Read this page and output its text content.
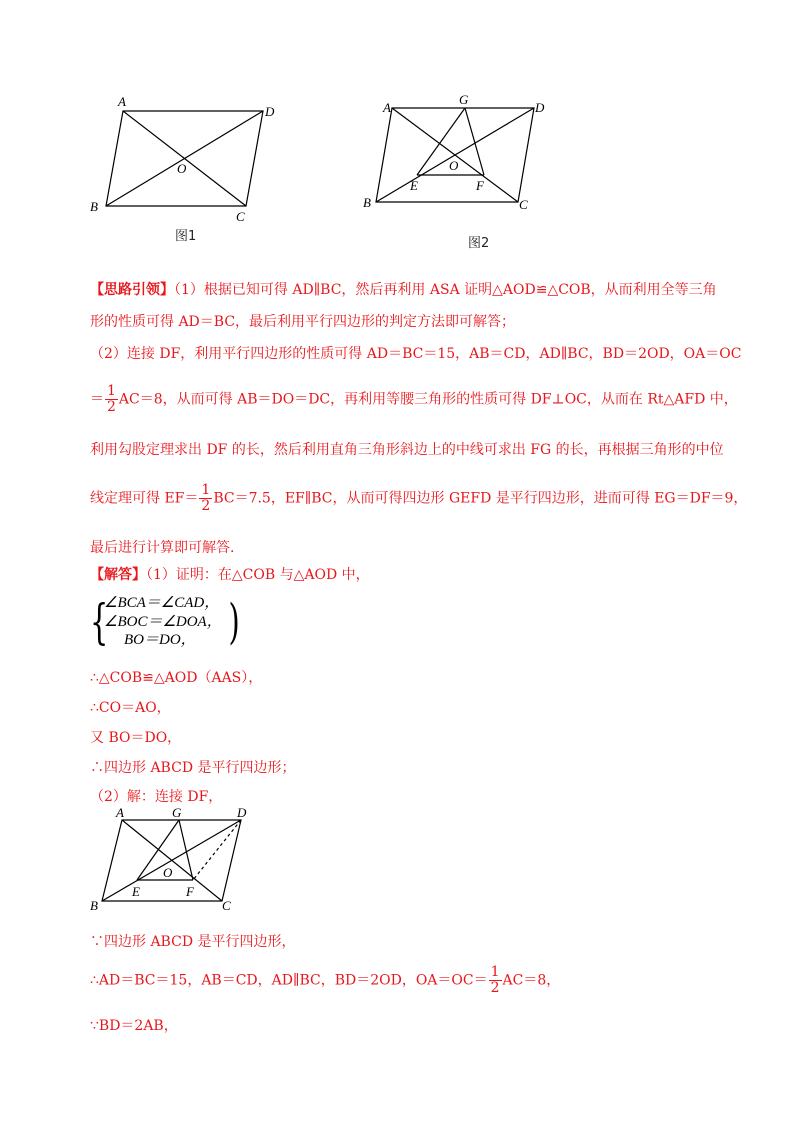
A
D
O
B
C
图1
A
G
D
O
E	F
B	C
图2
【思路引领】（1）根据已知可得 AD∥BC，然后再利用 ASA 证明△AOD≌△COB，从而利用全等三角
形的性质可得 AD＝BC，最后利用平行四边形的判定方法即可解答；
（2）连接 DF，利用平行四边形的性质可得 AD＝BC＝15，AB＝CD，AD∥BC，BD＝2OD，OA＝OC
＝ $\frac{1}{2} AC=8$，从而可得 AB＝DO＝DC，再利用等腰三角形的性质可得 DF⊥OC，从而在 Rt△AFD 中，
利用勾股定理求出 DF 的长，然后利用直角三角形斜边上的中线可求出 FG 的长，再根据三角形的中位
线定理可得 $EF= \frac{1}{2} BC=7.5$，EF∥BC，从而可得四边形 GEFD 是平行四边形，进而可得 EG＝DF＝9，
最后进行计算即可解答.
【解答】（1）证明：在△COB 与△AOD 中，
{
∠BCA＝∠CAD，
∠BOC＝∠DOA，
BO＝DO， )
∴△COB≌△AOD（AAS），
∴CO＝AO，
又 BO＝DO，
∴四边形 ABCD 是平行四边形；
（2）解：连接 DF，
A	G	D
O
E	F
B	C
∵四边形 ABCD 是平行四边形，
∴AD＝BC＝15，AB＝CD，AD∥BC，BD＝2OD，$OA=OC= \frac{1}{2} AC=8$，
∵BD＝2AB，
